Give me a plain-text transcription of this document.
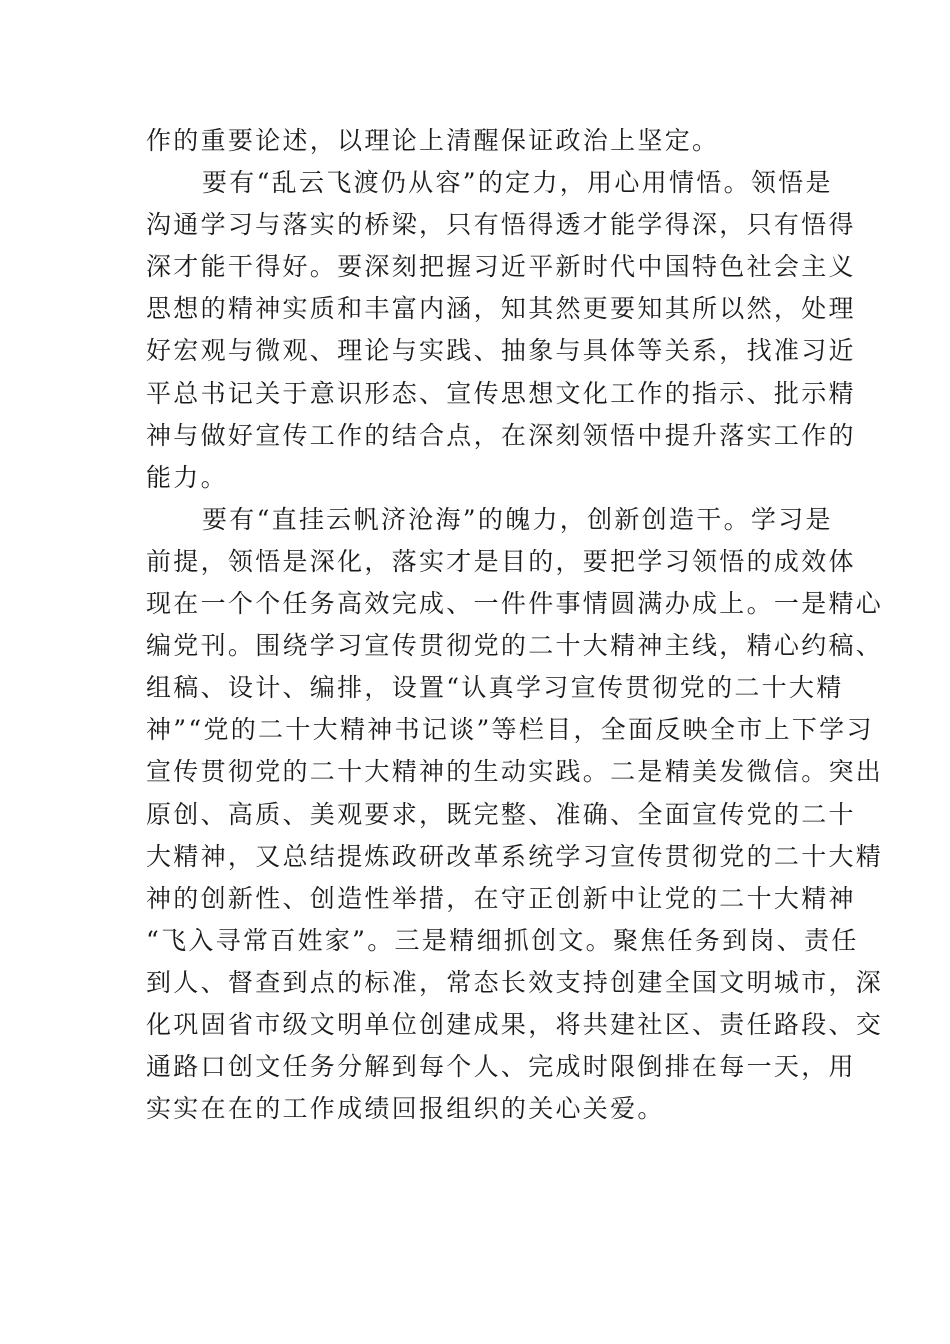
作的重要论述，以理论上清醒保证政治上坚定。

要有“乱云飞渡仍从容”的定力，用心用情悟。领悟是
沟通学习与落实的桥梁，只有悟得透才能学得深，只有悟得
深才能干得好。要深刻把握习近平新时代中国特色社会主义
思想的精神实质和丰富内涵，知其然更要知其所以然，处理
好宏观与微观、理论与实践、抽象与具体等关系，找准习近
平总书记关于意识形态、宣传思想文化工作的指示、批示精
神与做好宣传工作的结合点，在深刻领悟中提升落实工作的
能力。

要有“直挂云帆济沧海”的魄力，创新创造干。学习是
前提，领悟是深化，落实才是目的，要把学习领悟的成效体
现在一个个任务高效完成、一件件事情圆满办成上。一是精心
编党刊。围绕学习宣传贯彻党的二十大精神主线，精心约稿、
组稿、设计、编排，设置“认真学习宣传贯彻党的二十大精
神”“党的二十大精神书记谈”等栏目，全面反映全市上下学习
宣传贯彻党的二十大精神的生动实践。二是精美发微信。突出
原创、高质、美观要求，既完整、准确、全面宣传党的二十
大精神，又总结提炼政研改革系统学习宣传贯彻党的二十大精
神的创新性、创造性举措，在守正创新中让党的二十大精神
“飞入寻常百姓家”。三是精细抓创文。聚焦任务到岗、责任
到人、督查到点的标准，常态长效支持创建全国文明城市，深
化巩固省市级文明单位创建成果，将共建社区、责任路段、交
通路口创文任务分解到每个人、完成时限倒排在每一天，用
实实在在的工作成绩回报组织的关心关爱。
